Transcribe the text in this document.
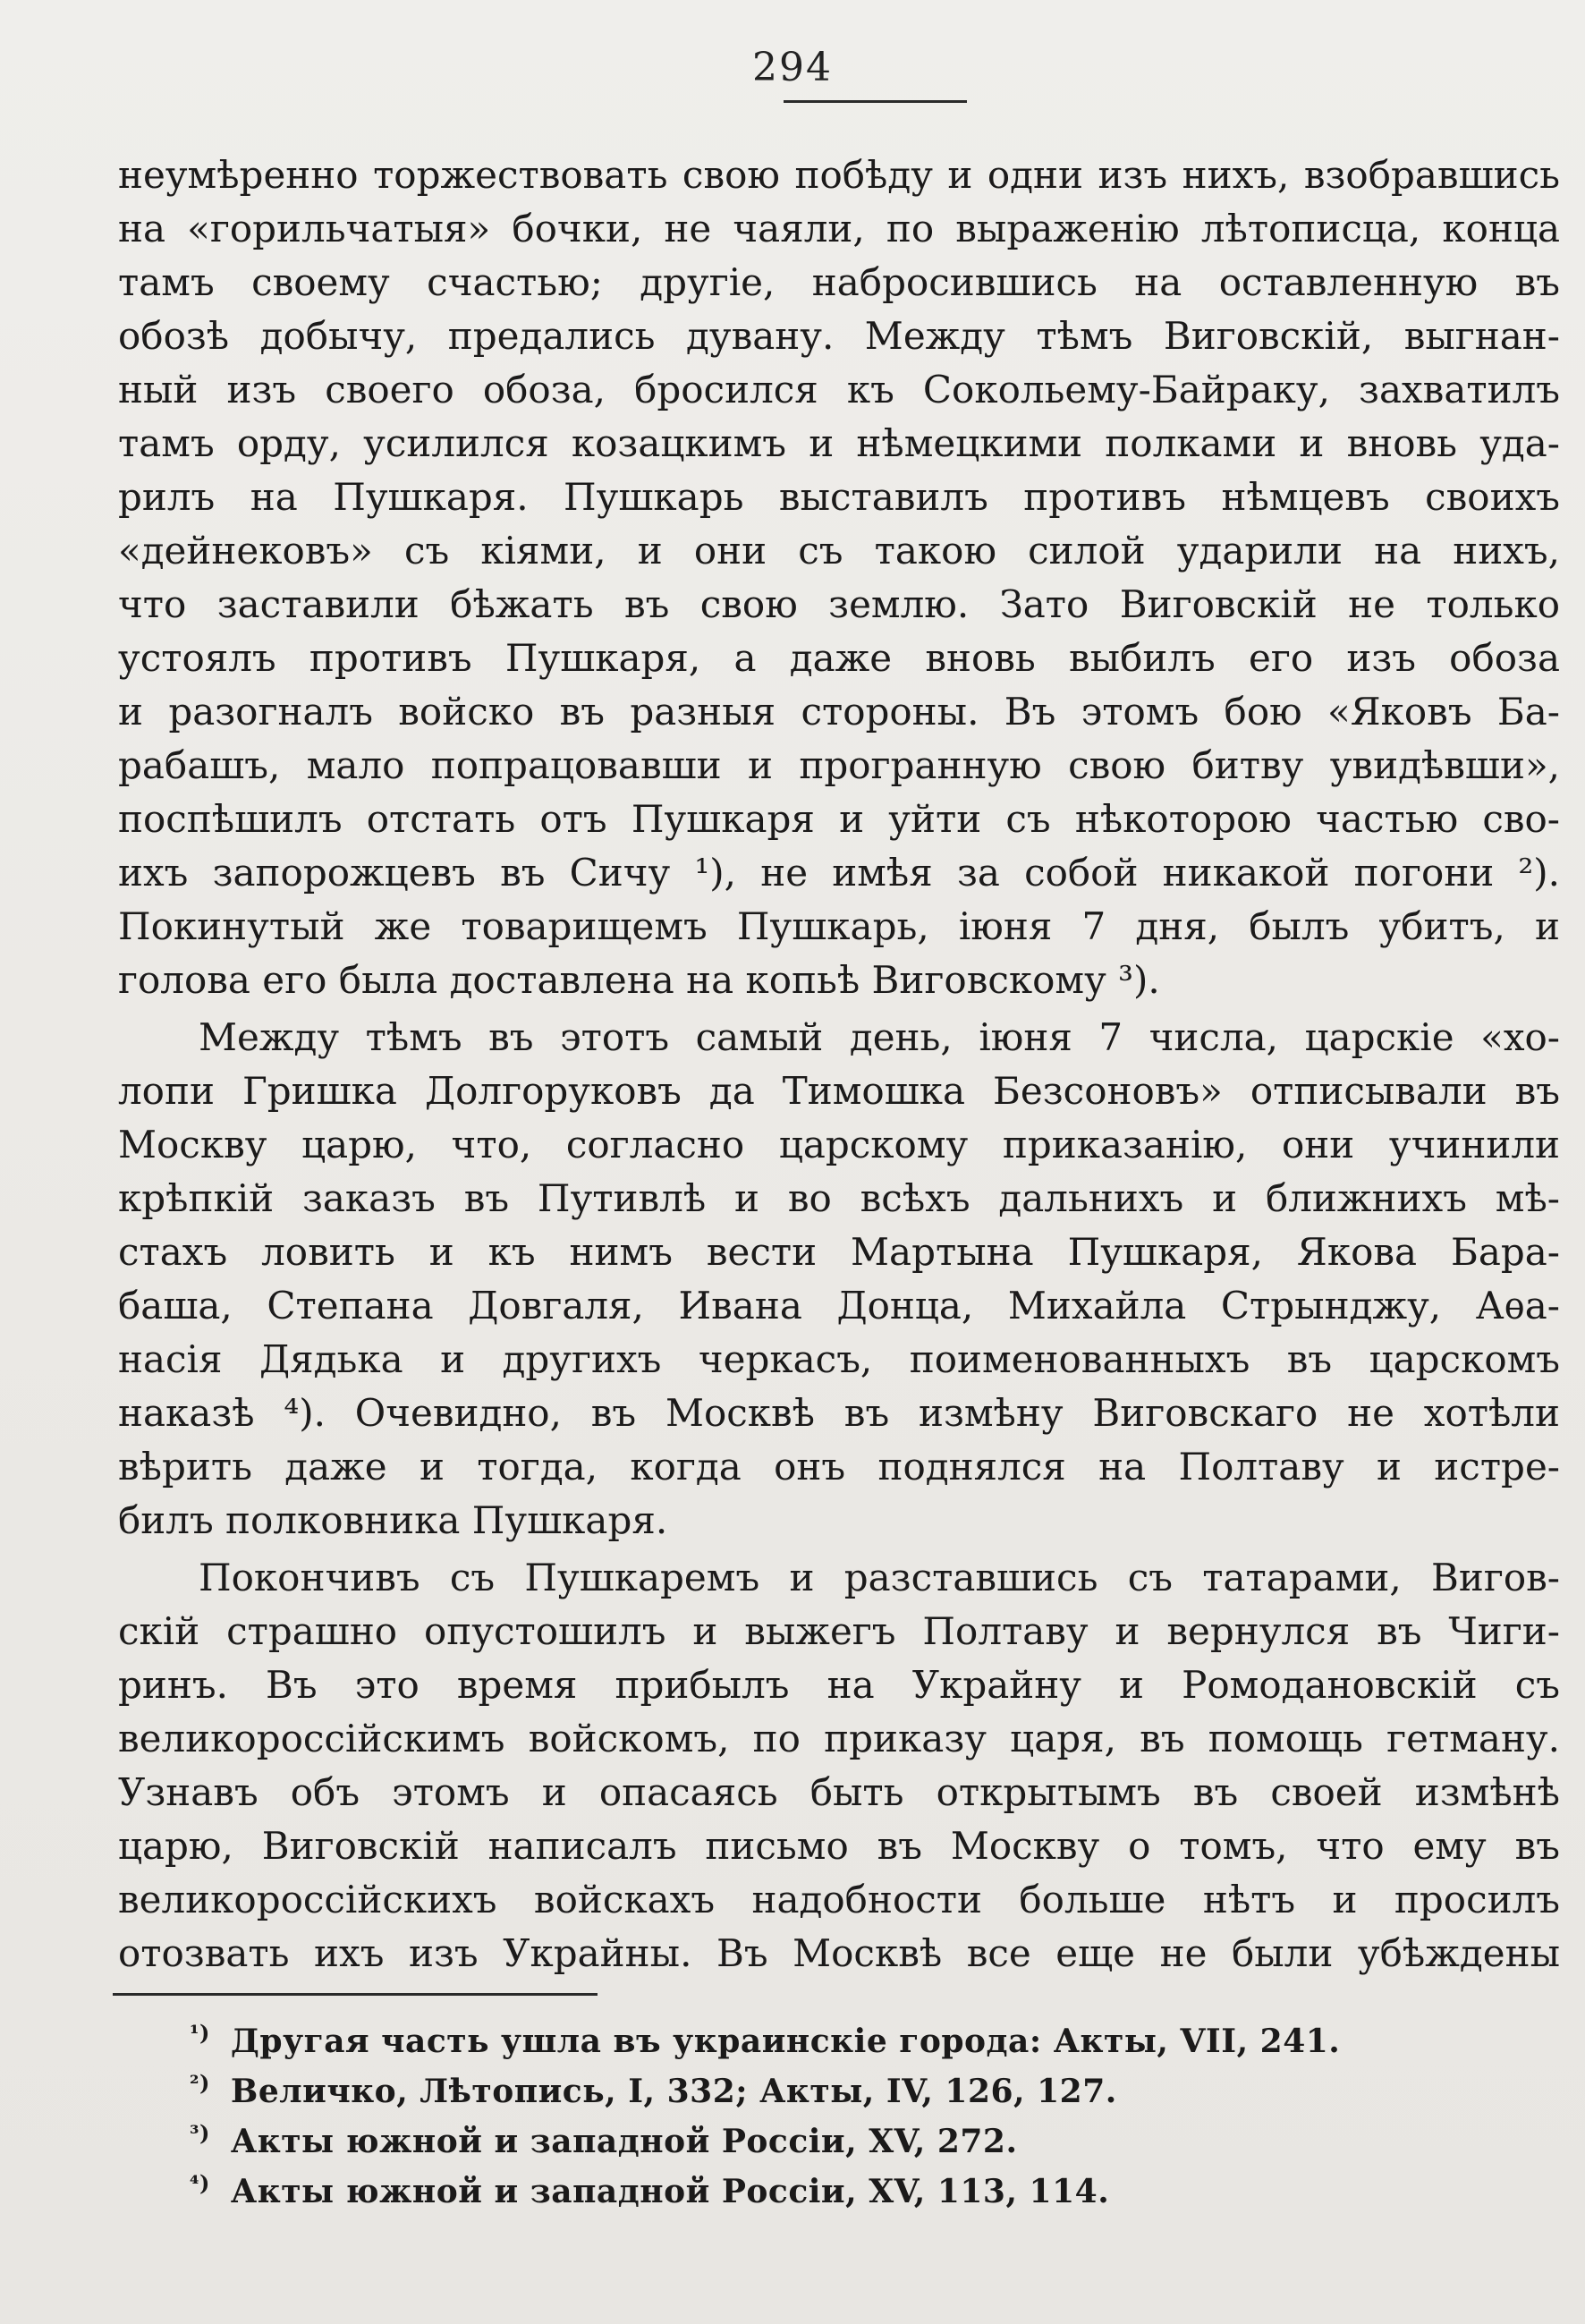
294
неумѣренно торжествовать свою побѣду и одни изъ нихъ, взобравшись
на «горильчатыя» бочки, не чаяли, по выраженію лѣтописца, конца
тамъ своему счастью; другіе, набросившись на оставленную въ
обозѣ добычу, предались дувану. Между тѣмъ Виговскій, выгнан-
ный изъ своего обоза, бросился къ Сокольему-Байраку, захватилъ
тамъ орду, усилился козацкимъ и нѣмецкими полками и вновь уда-
рилъ на Пушкаря. Пушкарь выставилъ противъ нѣмцевъ своихъ
«дейнековъ» съ кіями, и они съ такою силой ударили на нихъ,
что заставили бѣжать въ свою землю. Зато Виговскій не только
устоялъ противъ Пушкаря, а даже вновь выбилъ его изъ обоза
и разогналъ войско въ разныя стороны. Въ этомъ бою «Яковъ Ба-
рабашъ, мало попрацовавши и програнную свою битву увидѣвши»,
поспѣшилъ отстать отъ Пушкаря и уйти съ нѣкоторою частью сво-
ихъ запорожцевъ въ Сичу ¹), не имѣя за собой никакой погони ²).
Покинутый же товарищемъ Пушкарь, іюня 7 дня, былъ убитъ, и
голова его была доставлена на копьѣ Виговскому ³).
Между тѣмъ въ этотъ самый день, іюня 7 числа, царскіе «хо-
лопи Гришка Долгоруковъ да Тимошка Безсоновъ» отписывали въ
Москву царю, что, согласно царскому приказанію, они учинили
крѣпкій заказъ въ Путивлѣ и во всѣхъ дальнихъ и ближнихъ мѣ-
стахъ ловить и къ нимъ вести Мартына Пушкаря, Якова Бара-
баша, Степана Довгаля, Ивана Донца, Михайла Стрынджу, Аѳа-
насія Дядька и другихъ черкасъ, поименованныхъ въ царскомъ
наказѣ ⁴). Очевидно, въ Москвѣ въ измѣну Виговскаго не хотѣли
вѣрить даже и тогда, когда онъ поднялся на Полтаву и истре-
билъ полковника Пушкаря.
Покончивъ съ Пушкаремъ и разставшись съ татарами, Вигов-
скій страшно опустошилъ и выжегъ Полтаву и вернулся въ Чиги-
ринъ. Въ это время прибылъ на Украйну и Ромодановскій съ
великороссійскимъ войскомъ, по приказу царя, въ помощь гетману.
Узнавъ объ этомъ и опасаясь быть открытымъ въ своей измѣнѣ
царю, Виговскій написалъ письмо въ Москву о томъ, что ему въ
великороссійскихъ войскахъ надобности больше нѣтъ и просилъ
отозвать ихъ изъ Украйны. Въ Москвѣ все еще не были убѣждены
$^{^1)}$ Другая часть ушла въ украинскіе города: Акты, VII, 241.
$^{^2)}$ Величко, Лѣтопись, I, 332; Акты, IV, 126, 127.
$^{^3)}$ Акты южной и западной Россіи, XV, 272.
$^{^4)}$ Акты южной и западной Россіи, XV, 113, 114.
